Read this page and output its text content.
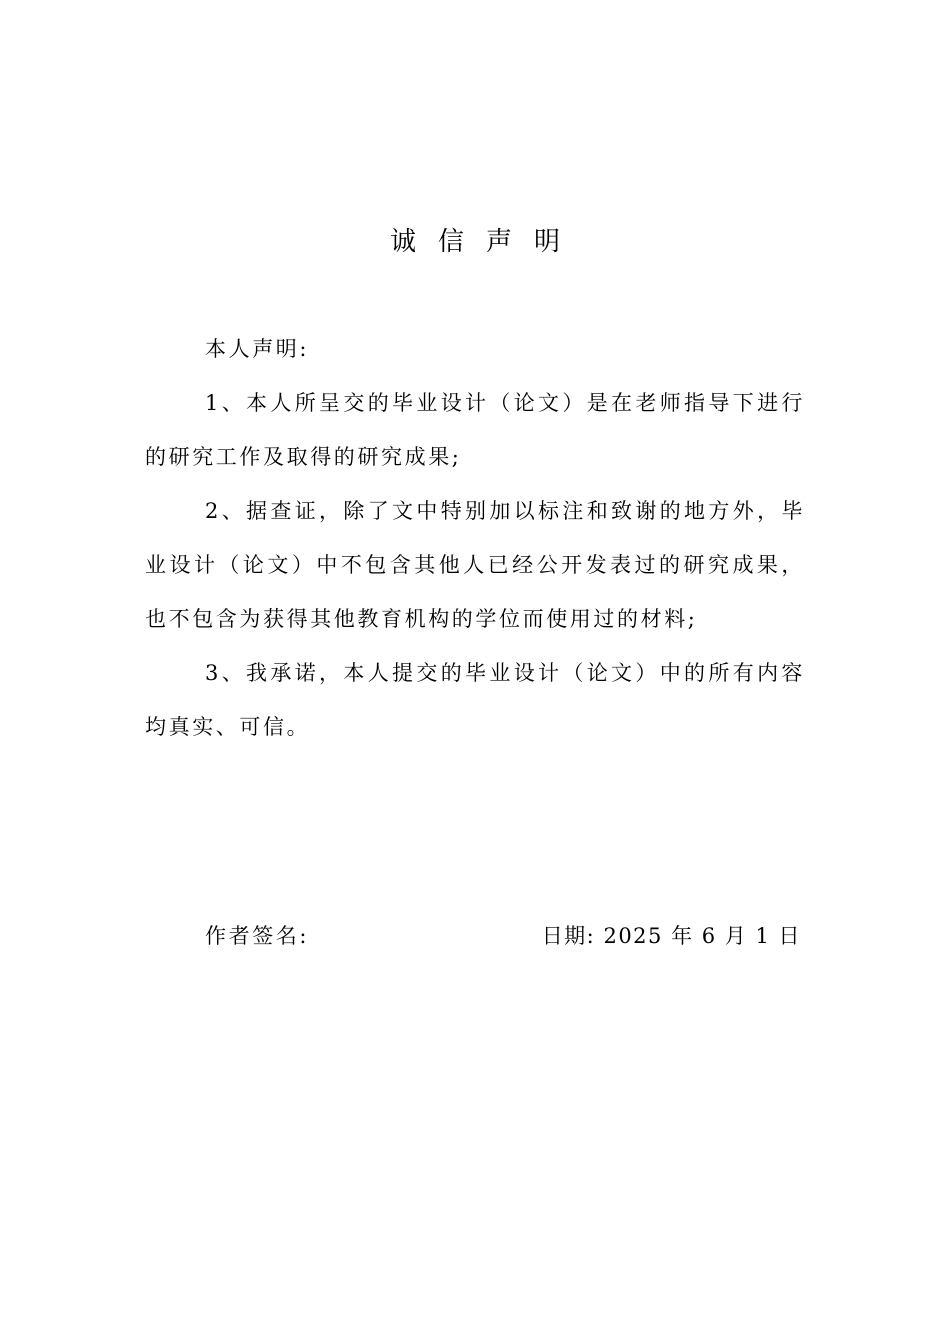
诚信声明

本人声明:

1、本人所呈交的毕业设计（论文）是在老师指导下进行的研究工作及取得的研究成果;

2、据查证，除了文中特别加以标注和致谢的地方外，毕业设计（论文）中不包含其他人已经公开发表过的研究成果，也不包含为获得其他教育机构的学位而使用过的材料;

3、我承诺，本人提交的毕业设计（论文）中的所有内容均真实、可信。

作者签名:	日期: 2025 年 6 月 1 日
